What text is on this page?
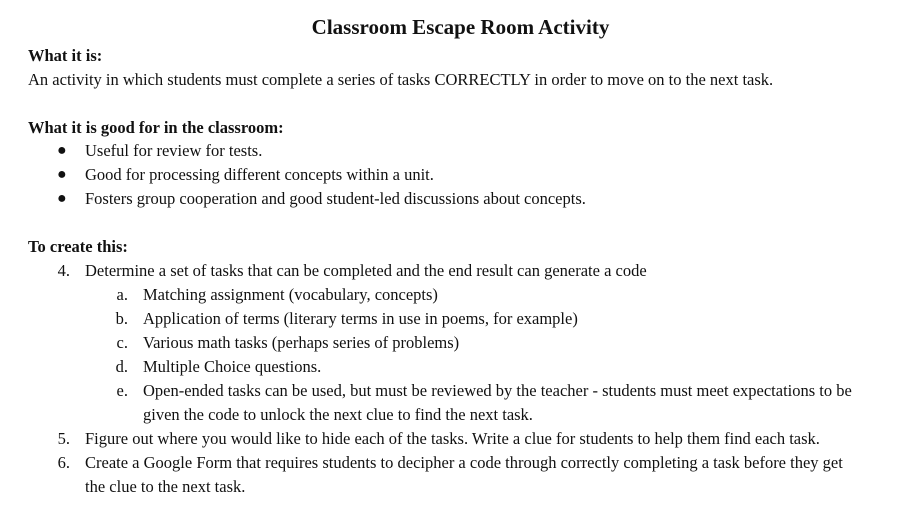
Classroom Escape Room Activity
What it is:
An activity in which students must complete a series of tasks CORRECTLY in order to move on to the next task.
What it is good for in the classroom:
● Useful for review for tests.
● Good for processing different concepts within a unit.
● Fosters group cooperation and good student-led discussions about concepts.
To create this:
4. Determine a set of tasks that can be completed and the end result can generate a code
a. Matching assignment (vocabulary, concepts)
b. Application of terms (literary terms in use in poems, for example)
c. Various math tasks (perhaps series of problems)
d. Multiple Choice questions.
e. Open-ended tasks can be used, but must be reviewed by the teacher - students must meet expectations to be
given the code to unlock the next clue to find the next task.
5. Figure out where you would like to hide each of the tasks. Write a clue for students to help them find each task.
6. Create a Google Form that requires students to decipher a code through correctly completing a task before they get
the clue to the next task.
